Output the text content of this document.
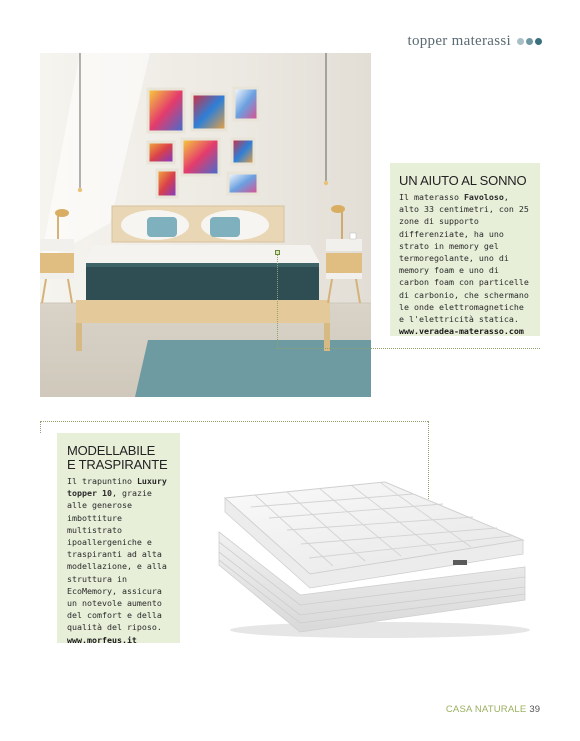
topper materassi
UN AIUTO AL SONNO

Il materasso Favoloso, alto 33 centimetri, con 25 zone di supporto differenziate, ha uno strato in memory gel termoregolante, uno di memory foam e uno di carbon foam con particelle di carbonio, che schermano le onde elettromagnetiche e l'elettricità statica.

www.veradea-materasso.com
MODELLABILE
E TRASPIRANTE

Il trapuntino Luxury topper 10, grazie alle generose imbottiture multistrato ipoallergeniche e traspiranti ad alta modellazione, e alla struttura in EcoMemory, assicura un notevole aumento del comfort e della qualità del riposo.

www.morfeus.it
CASA NATURALE 39
